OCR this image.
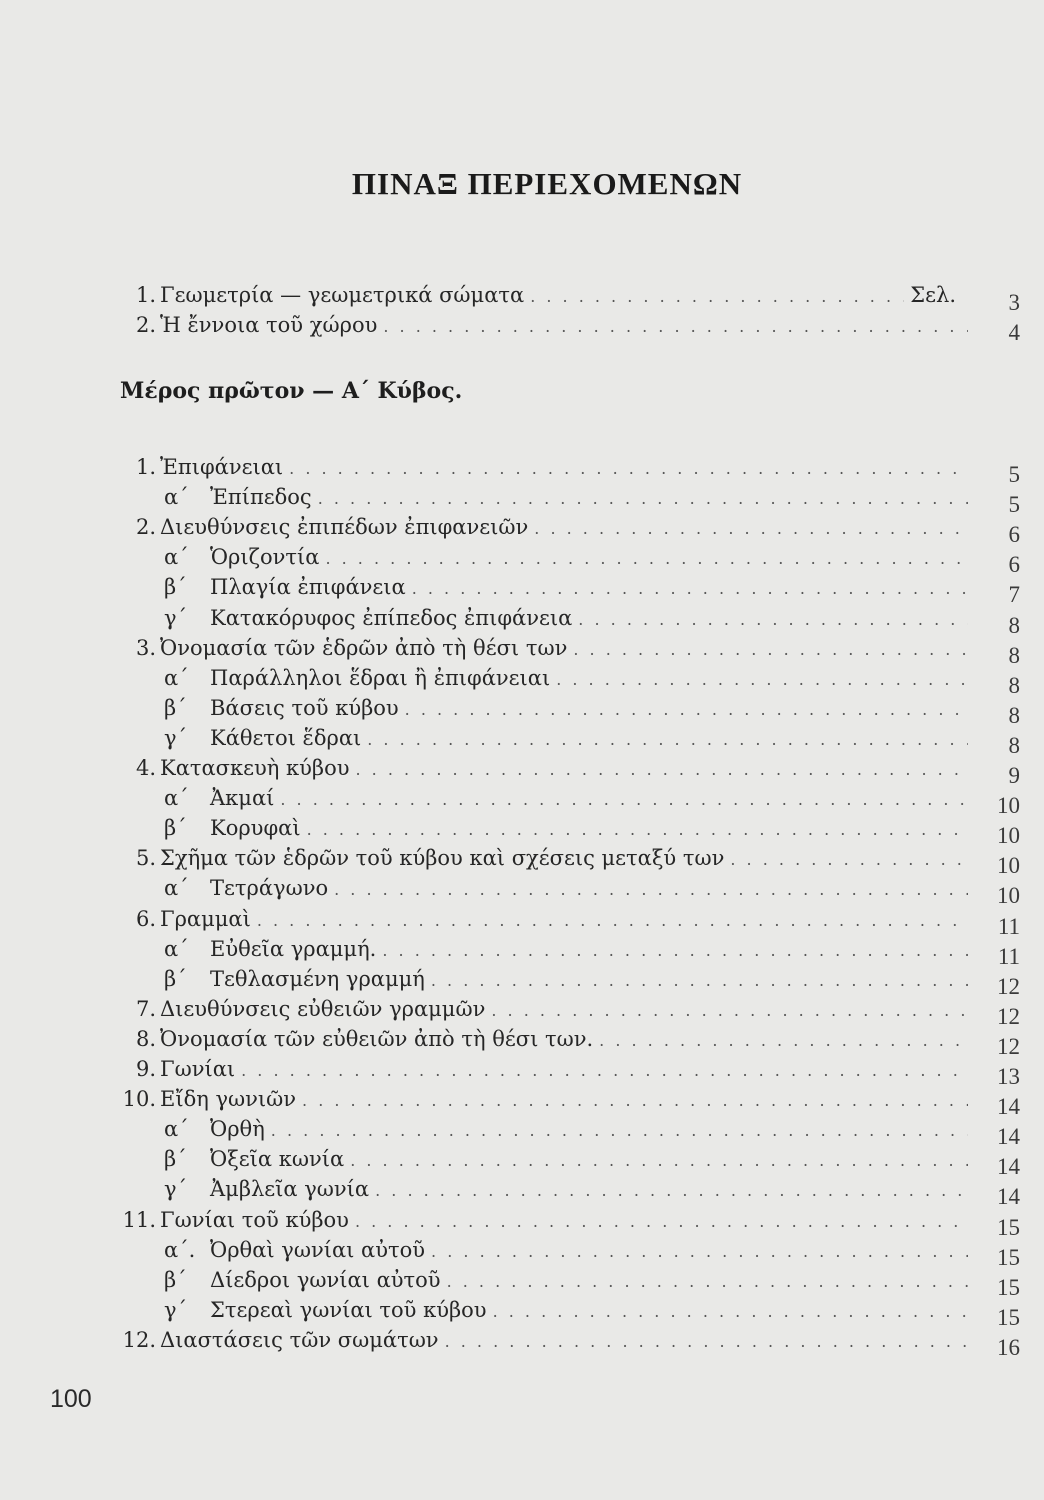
ΠΙΝΑΞ ΠΕΡΙΕΧΟΜΕΝΩΝ
1. Γεωμετρία — γεωμετρικά σώματα . . .	Σελ.	3
2. Ἡ ἔννοια τοῦ χώρου . . .	4
Μέρος πρῶτον — Α΄ Κύβος.
1. Ἐπιφάνειαι . . .	5
α΄	Ἐπίπεδος . . .	5
2. Διευθύνσεις ἐπιπέδων ἐπιφανειῶν . . .	6
α΄	Ὁριζοντία . . .	6
β΄	Πλαγία ἐπιφάνεια . . .	7
γ΄	Κατακόρυφος ἐπίπεδος ἐπιφάνεια . . .	8
3. Ὀνομασία τῶν ἑδρῶν ἀπὸ τὴ θέσι των . . .	8
α΄	Παράλληλοι ἕδραι ἢ ἐπιφάνειαι . . .	8
β΄	Βάσεις τοῦ κύβου . . .	8
γ΄	Κάθετοι ἕδραι . . .	8
4. Κατασκευὴ κύβου . . .	9
α΄	Ἀκμαί . . .	10
β΄	Κορυφαὶ . . .	10
5. Σχῆμα τῶν ἑδρῶν τοῦ κύβου καὶ σχέσεις μεταξύ των . . .	10
α΄	Τετράγωνο . . .	10
6. Γραμμαὶ . . .	11
α΄	Εὐθεῖα γραμμή. . . .	11
β΄	Τεθλασμένη γραμμή . . .	12
7. Διευθύνσεις εὐθειῶν γραμμῶν . . .	12
8. Ὀνομασία τῶν εὐθειῶν ἀπὸ τὴ θέσι των. . . .	12
9. Γωνίαι . . .	13
10. Εἴδη γωνιῶν . . .	14
α΄	Ὀρθὴ . . .	14
β΄	Ὀξεῖα κωνία . . .	14
γ΄	Ἀμβλεῖα γωνία . . .	14
11. Γωνίαι τοῦ κύβου . . .	15
α΄. Ὀρθαὶ γωνίαι αὐτοῦ . . .	15
β΄	Δίεδροι γωνίαι αὐτοῦ . . .	15
γ΄	Στερεαὶ γωνίαι τοῦ κύβου . . .	15
12. Διαστάσεις τῶν σωμάτων . . .	16
100
